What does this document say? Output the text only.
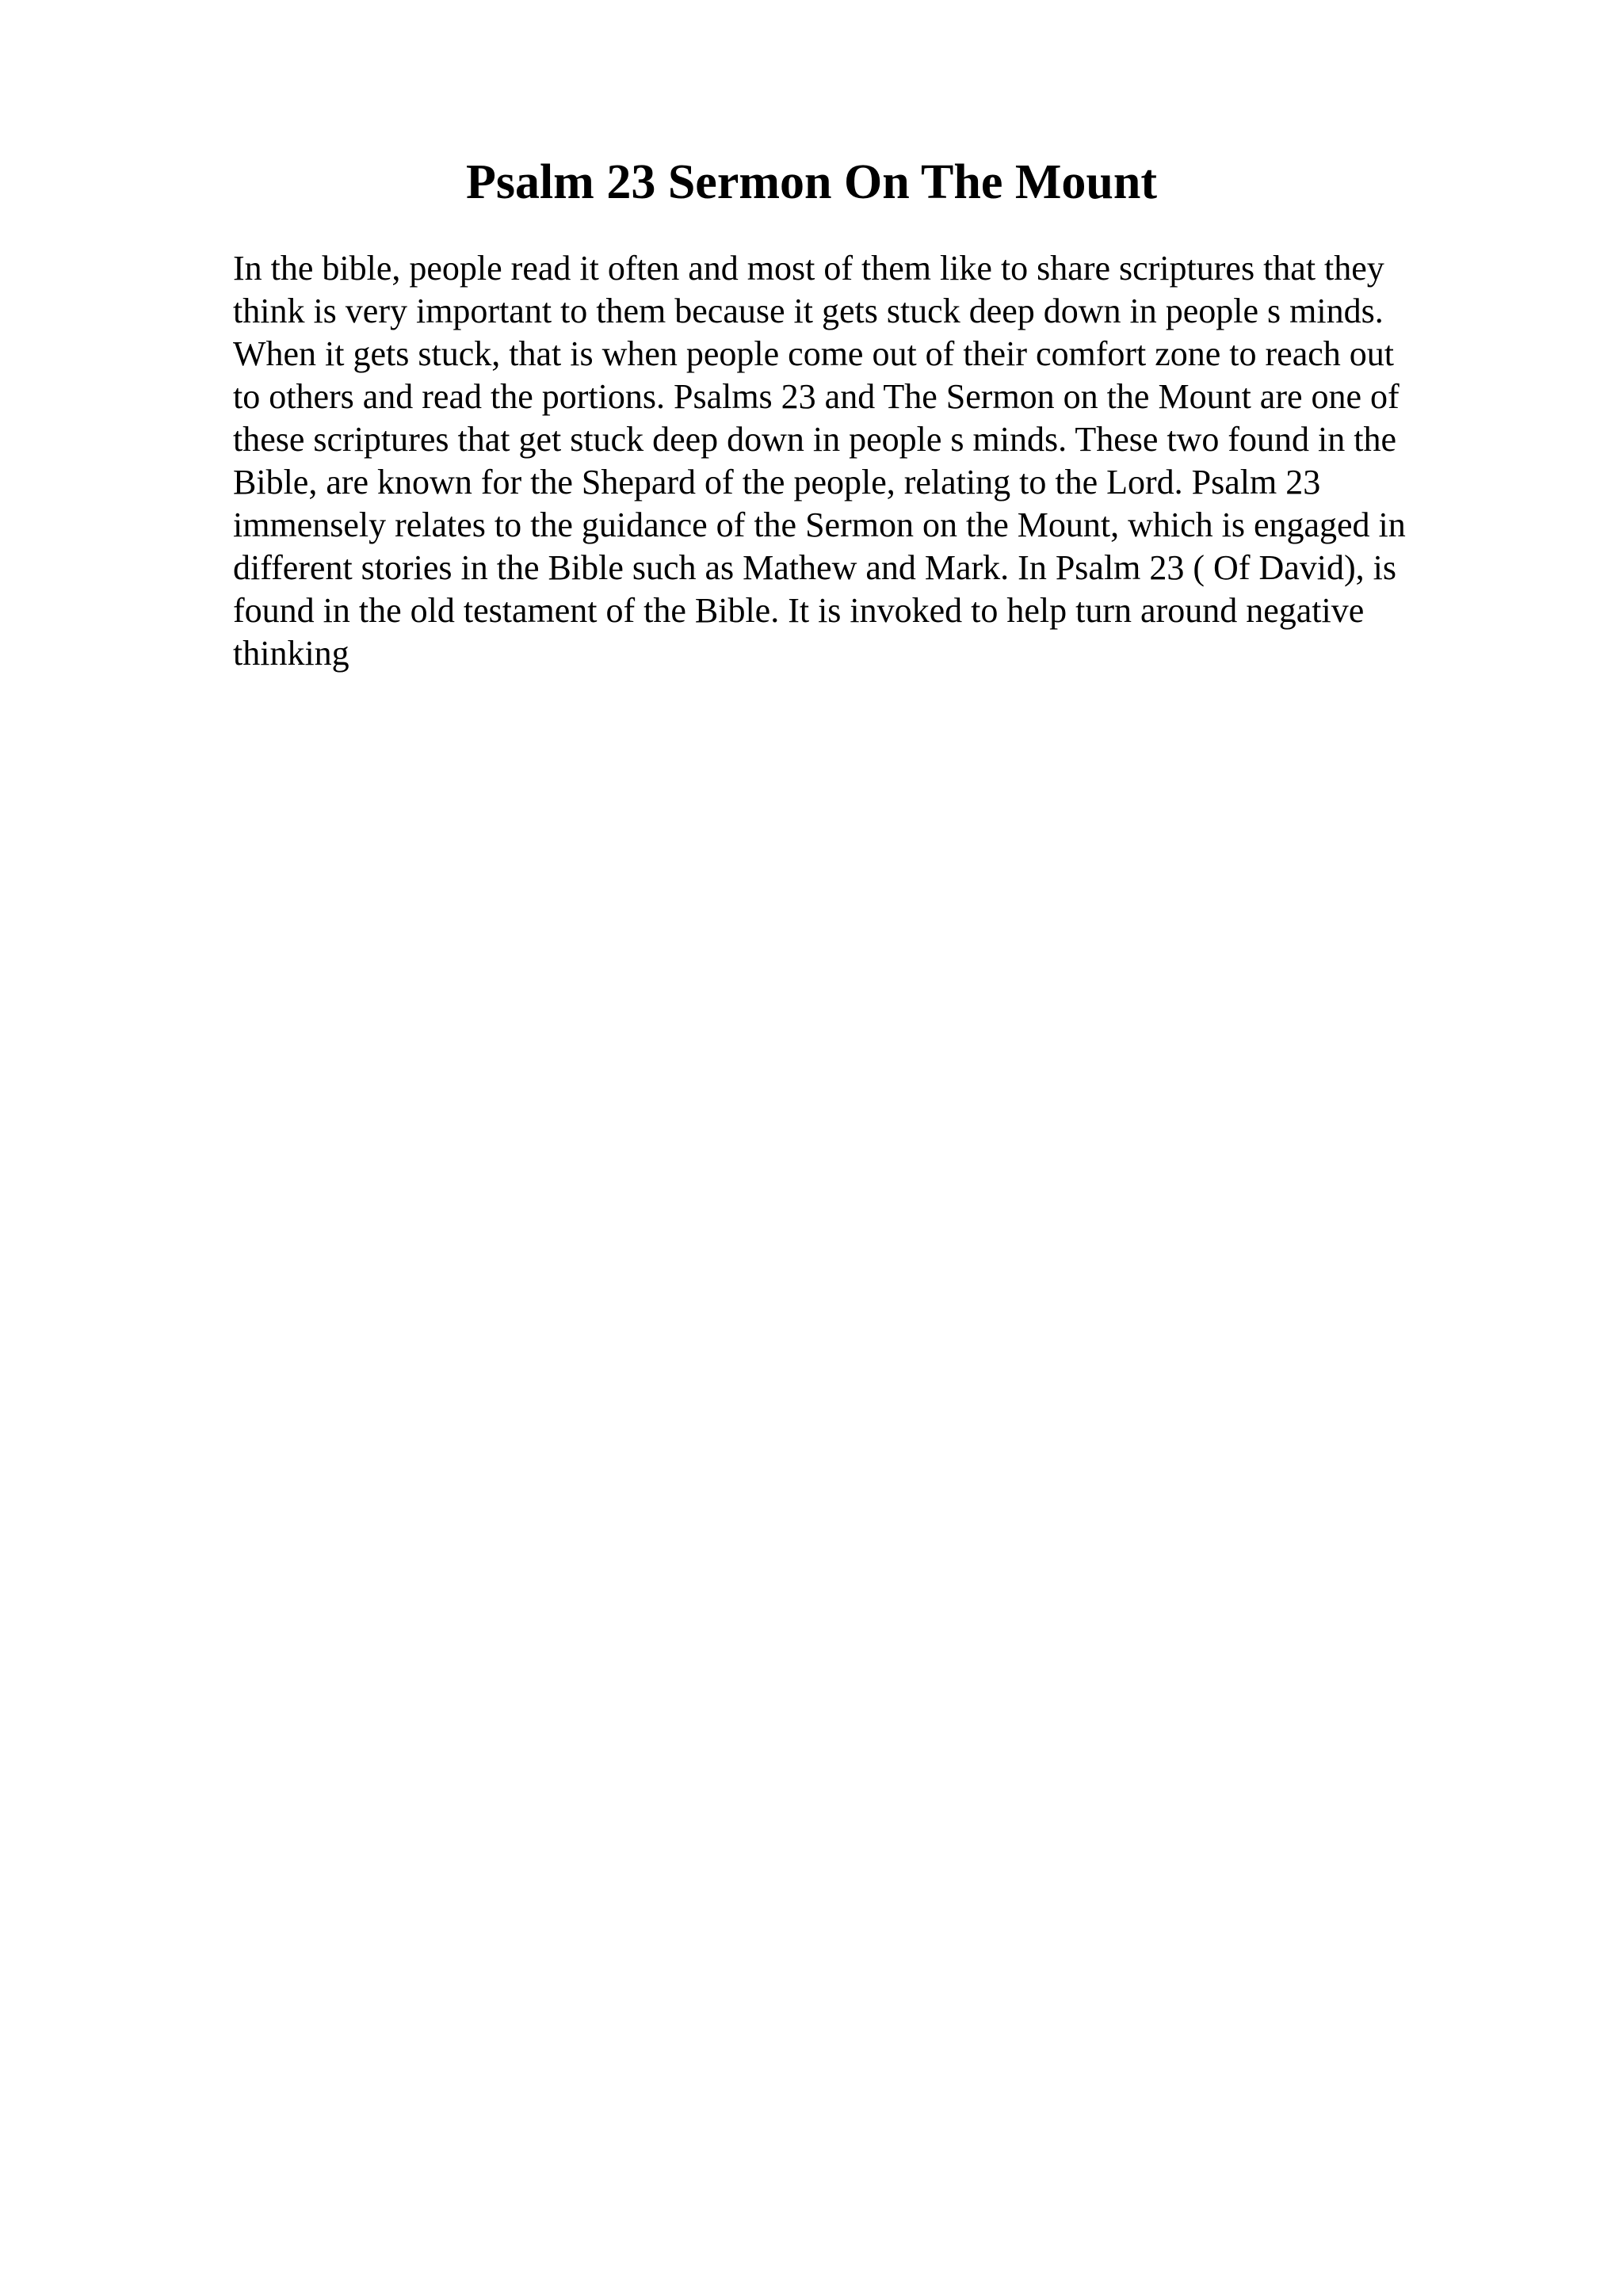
Psalm 23 Sermon On The Mount

In the bible, people read it often and most of them like to share scriptures that they
think is very important to them because it gets stuck deep down in people s minds.
When it gets stuck, that is when people come out of their comfort zone to reach out
to others and read the portions. Psalms 23 and The Sermon on the Mount are one of
these scriptures that get stuck deep down in people s minds. These two found in the
Bible, are known for the Shepard of the people, relating to the Lord. Psalm 23
immensely relates to the guidance of the Sermon on the Mount, which is engaged in
different stories in the Bible such as Mathew and Mark. In Psalm 23 ( Of David), is
found in the old testament of the Bible. It is invoked to help turn around negative
thinking
